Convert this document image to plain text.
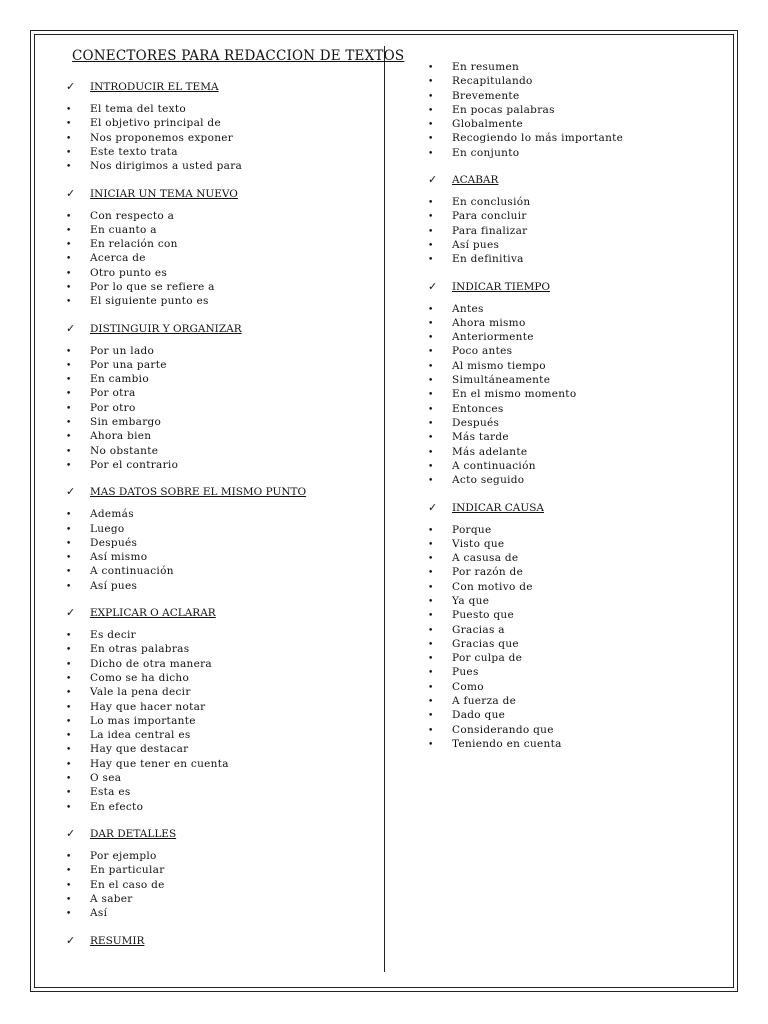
CONECTORES PARA REDACCION DE TEXTOS
✓ INTRODUCIR EL TEMA
• El tema del texto
• El objetivo principal de
• Nos proponemos exponer
• Este texto trata
• Nos dirigimos a usted para
✓ INICIAR UN TEMA NUEVO
• Con respecto a
• En cuanto a
• En relación con
• Acerca de
• Otro punto es
• Por lo que se refiere a
• El siguiente punto es
✓ DISTINGUIR Y ORGANIZAR
• Por un lado
• Por una parte
• En cambio
• Por otra
• Por otro
• Sin embargo
• Ahora bien
• No obstante
• Por el contrario
✓ MAS DATOS SOBRE EL MISMO PUNTO
• Además
• Luego
• Después
• Así mismo
• A continuación
• Así pues
✓ EXPLICAR O ACLARAR
• Es decir
• En otras palabras
• Dicho de otra manera
• Como se ha dicho
• Vale la pena decir
• Hay que hacer notar
• Lo mas importante
• La idea central es
• Hay que destacar
• Hay que tener en cuenta
• O sea
• Esta es
• En efecto
✓ DAR DETALLES
• Por ejemplo
• En particular
• En el caso de
• A saber
• Así
✓ RESUMIR
• En resumen
• Recapitulando
• Brevemente
• En pocas palabras
• Globalmente
• Recogiendo lo más importante
• En conjunto
✓ ACABAR
• En conclusión
• Para concluir
• Para finalizar
• Así pues
• En definitiva
✓ INDICAR TIEMPO
• Antes
• Ahora mismo
• Anteriormente
• Poco antes
• Al mismo tiempo
• Simultáneamente
• En el mismo momento
• Entonces
• Después
• Más tarde
• Más adelante
• A continuación
• Acto seguido
✓ INDICAR CAUSA
• Porque
• Visto que
• A casusa de
• Por razón de
• Con motivo de
• Ya que
• Puesto que
• Gracias a
• Gracias que
• Por culpa de
• Pues
• Como
• A fuerza de
• Dado que
• Considerando que
• Teniendo en cuenta
